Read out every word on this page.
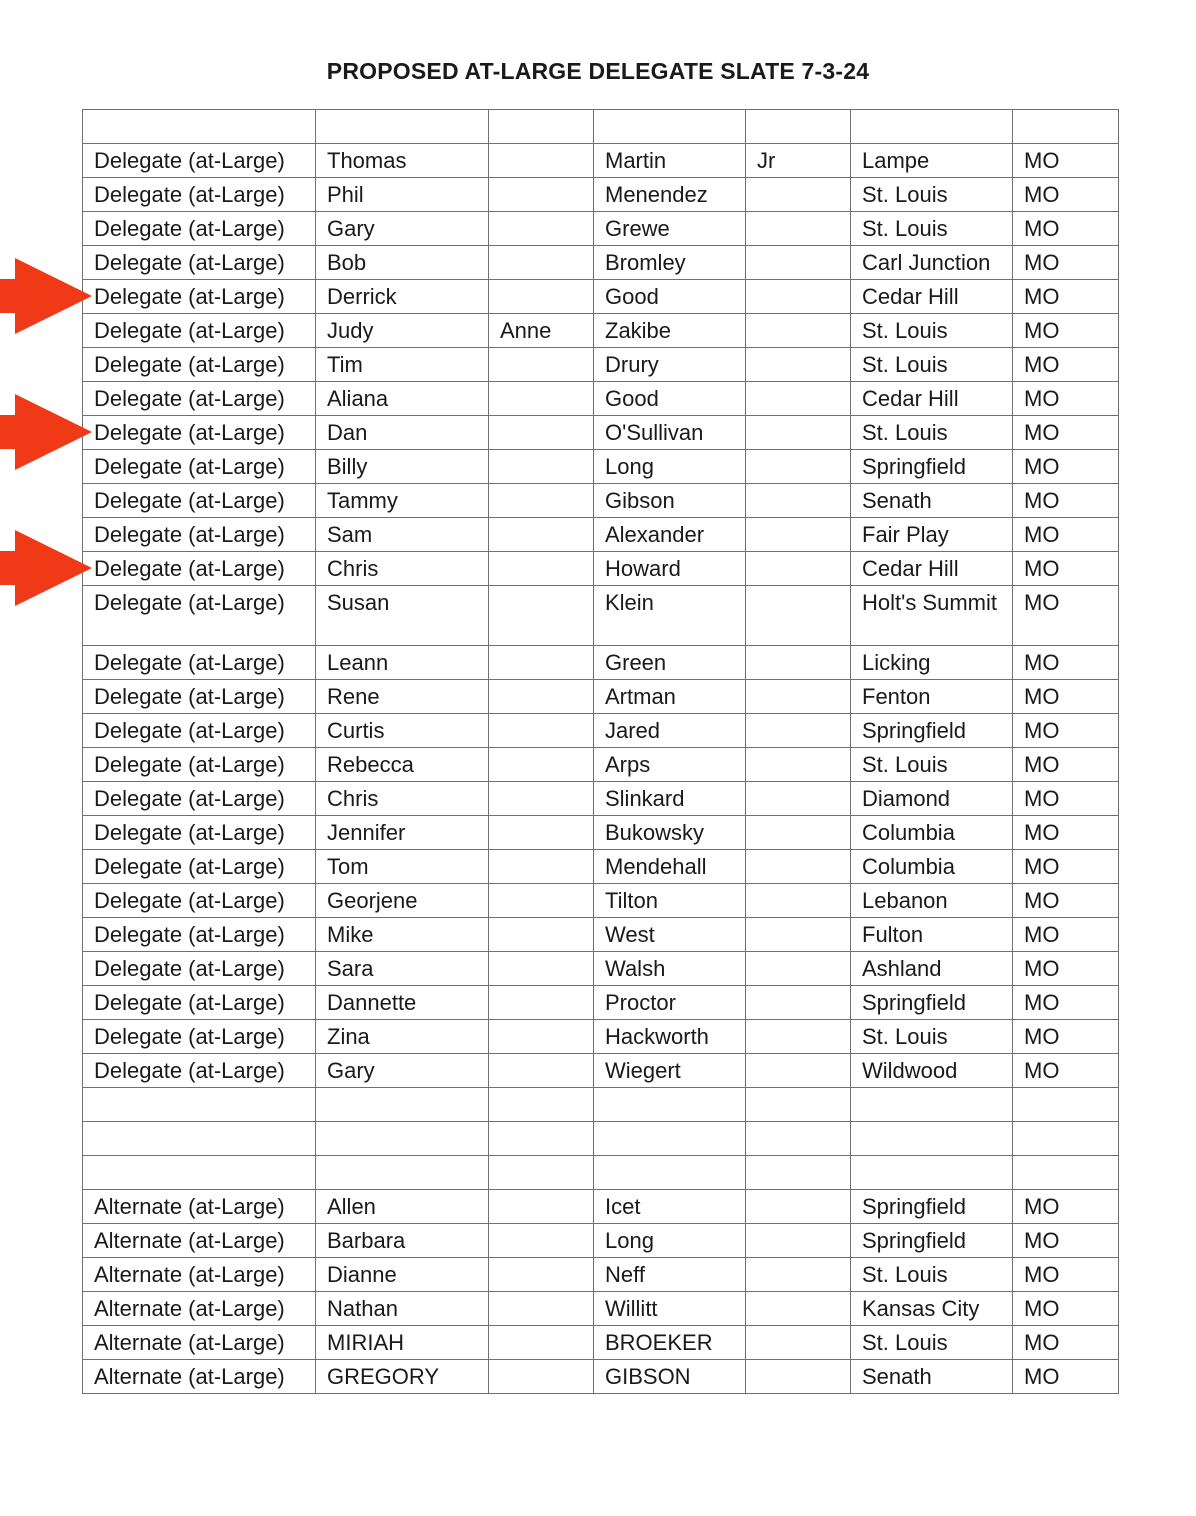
PROPOSED AT-LARGE DELEGATE SLATE 7-3-24

Delegate (at-Large)	Thomas		Martin	Jr	Lampe	MO
Delegate (at-Large)	Phil		Menendez		St. Louis	MO
Delegate (at-Large)	Gary		Grewe		St. Louis	MO
Delegate (at-Large)	Bob		Bromley		Carl Junction	MO
Delegate (at-Large)	Derrick		Good		Cedar Hill	MO
Delegate (at-Large)	Judy	Anne	Zakibe		St. Louis	MO
Delegate (at-Large)	Tim		Drury		St. Louis	MO
Delegate (at-Large)	Aliana		Good		Cedar Hill	MO
Delegate (at-Large)	Dan		O'Sullivan		St. Louis	MO
Delegate (at-Large)	Billy		Long		Springfield	MO
Delegate (at-Large)	Tammy		Gibson		Senath	MO
Delegate (at-Large)	Sam		Alexander		Fair Play	MO
Delegate (at-Large)	Chris		Howard		Cedar Hill	MO
Delegate (at-Large)	Susan		Klein		Holt's Summit	MO
Delegate (at-Large)	Leann		Green		Licking	MO
Delegate (at-Large)	Rene		Artman		Fenton	MO
Delegate (at-Large)	Curtis		Jared		Springfield	MO
Delegate (at-Large)	Rebecca		Arps		St. Louis	MO
Delegate (at-Large)	Chris		Slinkard		Diamond	MO
Delegate (at-Large)	Jennifer		Bukowsky		Columbia	MO
Delegate (at-Large)	Tom		Mendehall		Columbia	MO
Delegate (at-Large)	Georjene		Tilton		Lebanon	MO
Delegate (at-Large)	Mike		West		Fulton	MO
Delegate (at-Large)	Sara		Walsh		Ashland	MO
Delegate (at-Large)	Dannette		Proctor		Springfield	MO
Delegate (at-Large)	Zina		Hackworth		St. Louis	MO
Delegate (at-Large)	Gary		Wiegert		Wildwood	MO

Alternate (at-Large)	Allen		Icet		Springfield	MO
Alternate (at-Large)	Barbara		Long		Springfield	MO
Alternate (at-Large)	Dianne		Neff		St. Louis	MO
Alternate (at-Large)	Nathan		Willitt		Kansas City	MO
Alternate (at-Large)	MIRIAH		BROEKER		St. Louis	MO
Alternate (at-Large)	GREGORY		GIBSON		Senath	MO
